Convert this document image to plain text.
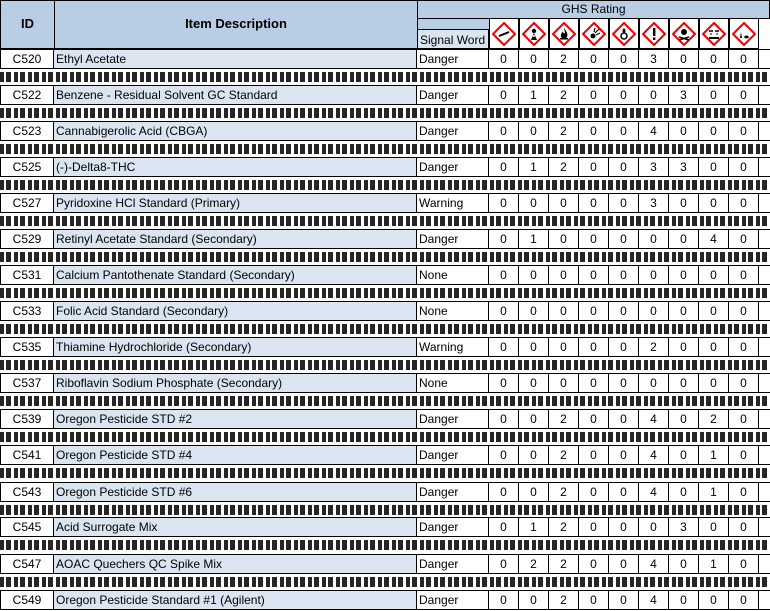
ID	Item Description
GHS Rating
Signal Word
C520	Ethyl Acetate	Danger	0	0	2	0	0	3	0	0	0
C522	Benzene - Residual Solvent GC Standard	Danger	0	1	2	0	0	0	3	0	0
C523	Cannabigerolic Acid (CBGA)	Danger	0	0	2	0	0	4	0	0	0
C525	(-)-Delta8-THC	Danger	0	1	2	0	0	3	3	0	0
C527	Pyridoxine HCl Standard (Primary)	Warning	0	0	0	0	0	3	0	0	0
C529	Retinyl Acetate Standard (Secondary)	Danger	0	1	0	0	0	0	0	4	0
C531	Calcium Pantothenate Standard (Secondary)	None	0	0	0	0	0	0	0	0	0
C533	Folic Acid Standard (Secondary)	None	0	0	0	0	0	0	0	0	0
C535	Thiamine Hydrochloride (Secondary)	Warning	0	0	0	0	0	2	0	0	0
C537	Riboflavin Sodium Phosphate (Secondary)	None	0	0	0	0	0	0	0	0	0
C539	Oregon Pesticide STD #2	Danger	0	0	2	0	0	4	0	2	0
C541	Oregon Pesticide STD #4	Danger	0	0	2	0	0	4	0	1	0
C543	Oregon Pesticide STD #6	Danger	0	0	2	0	0	4	0	1	0
C545	Acid Surrogate Mix	Danger	0	1	2	0	0	0	3	0	0
C547	AOAC Quechers QC Spike Mix	Danger	0	2	2	0	0	4	0	1	0
C549	Oregon Pesticide Standard #1 (Agilent)	Danger	0	0	2	0	0	4	0	0	0
